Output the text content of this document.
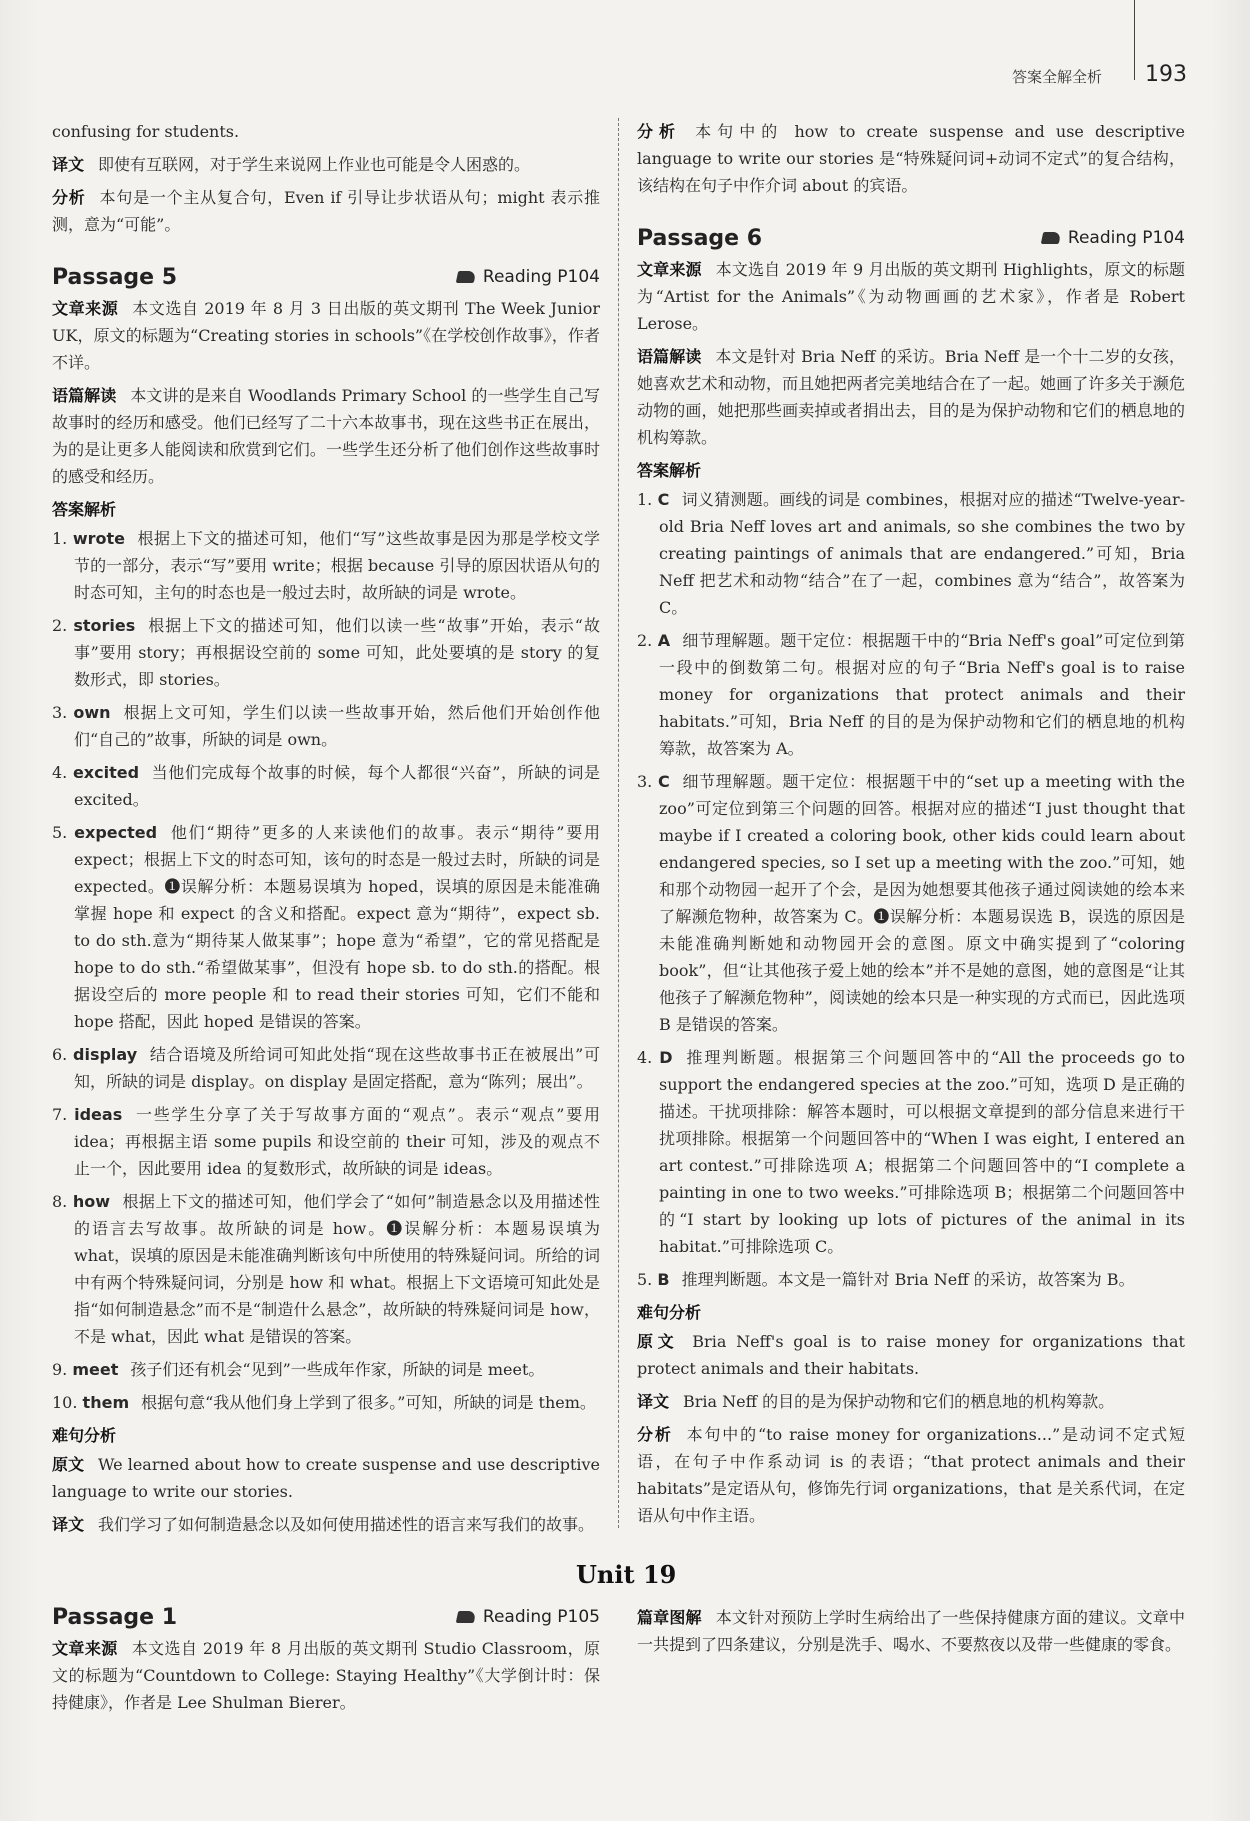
答案全解全析 193

confusing for students.

译文 即使有互联网，对于学生来说网上作业也可能是令人困惑的。

分析 本句是一个主从复合句，Even if 引导让步状语从句；might 表示推测，意为“可能”。

Passage 5	Reading P104

文章来源 本文选自 2019 年 8 月 3 日出版的英文期刊 The Week Junior UK，原文的标题为“Creating stories in schools”《在学校创作故事》，作者不详。

语篇解读 本文讲的是来自 Woodlands Primary School 的一些学生自己写故事时的经历和感受。他们已经写了二十六本故事书，现在这些书正在展出，为的是让更多人能阅读和欣赏到它们。一些学生还分析了他们创作这些故事时的感受和经历。

答案解析

1. wrote 根据上下文的描述可知，他们“写”这些故事是因为那是学校文学节的一部分，表示“写”要用 write；根据 because 引导的原因状语从句的时态可知，主句的时态也是一般过去时，故所缺的词是 wrote。

2. stories 根据上下文的描述可知，他们以读一些“故事”开始，表示“故事”要用 story；再根据设空前的 some 可知，此处要填的是 story 的复数形式，即 stories。

3. own 根据上文可知，学生们以读一些故事开始，然后他们开始创作他们“自己的”故事，所缺的词是 own。

4. excited 当他们完成每个故事的时候，每个人都很“兴奋”，所缺的词是 excited。

5. expected 他们“期待”更多的人来读他们的故事。表示“期待”要用 expect；根据上下文的时态可知，该句的时态是一般过去时，所缺的词是 expected。❶误解分析：本题易误填为 hoped，误填的原因是未能准确掌握 hope 和 expect 的含义和搭配。expect 意为“期待”，expect sb. to do sth.意为“期待某人做某事”；hope 意为“希望”，它的常见搭配是 hope to do sth.“希望做某事”，但没有 hope sb. to do sth.的搭配。根据设空后的 more people 和 to read their stories 可知，它们不能和 hope 搭配，因此 hoped 是错误的答案。

6. display 结合语境及所给词可知此处指“现在这些故事书正在被展出”可知，所缺的词是 display。on display 是固定搭配，意为“陈列；展出”。

7. ideas 一些学生分享了关于写故事方面的“观点”。表示“观点”要用 idea；再根据主语 some pupils 和设空前的 their 可知，涉及的观点不止一个，因此要用 idea 的复数形式，故所缺的词是 ideas。

8. how 根据上下文的描述可知，他们学会了“如何”制造悬念以及用描述性的语言去写故事。故所缺的词是 how。❶误解分析：本题易误填为 what，误填的原因是未能准确判断该句中所使用的特殊疑问词。所给的词中有两个特殊疑问词，分别是 how 和 what。根据上下文语境可知此处是指“如何制造悬念”而不是“制造什么悬念”，故所缺的特殊疑问词是 how，不是 what，因此 what 是错误的答案。

9. meet 孩子们还有机会“见到”一些成年作家，所缺的词是 meet。

10. them 根据句意“我从他们身上学到了很多。”可知，所缺的词是 them。

难句分析

原文 We learned about how to create suspense and use descriptive language to write our stories.

译文 我们学习了如何制造悬念以及如何使用描述性的语言来写我们的故事。

分析 本句中的 how to create suspense and use descriptive language to write our stories 是“特殊疑问词+动词不定式”的复合结构，该结构在句子中作介词 about 的宾语。

Passage 6	Reading P104

文章来源 本文选自 2019 年 9 月出版的英文期刊 Highlights，原文的标题为“Artist for the Animals”《为动物画画的艺术家》，作者是 Robert Lerose。

语篇解读 本文是针对 Bria Neff 的采访。Bria Neff 是一个十二岁的女孩，她喜欢艺术和动物，而且她把两者完美地结合在了一起。她画了许多关于濒危动物的画，她把那些画卖掉或者捐出去，目的是为保护动物和它们的栖息地的机构筹款。

答案解析

1. C 词义猜测题。画线的词是 combines，根据对应的描述“Twelve-year-old Bria Neff loves art and animals, so she combines the two by creating paintings of animals that are endangered.”可知，Bria Neff 把艺术和动物“结合”在了一起，combines 意为“结合”，故答案为 C。

2. A 细节理解题。题干定位：根据题干中的“Bria Neff's goal”可定位到第一段中的倒数第二句。根据对应的句子“Bria Neff's goal is to raise money for organizations that protect animals and their habitats.”可知，Bria Neff 的目的是为保护动物和它们的栖息地的机构筹款，故答案为 A。

3. C 细节理解题。题干定位：根据题干中的“set up a meeting with the zoo”可定位到第三个问题的回答。根据对应的描述“I just thought that maybe if I created a coloring book, other kids could learn about endangered species, so I set up a meeting with the zoo.”可知，她和那个动物园一起开了个会，是因为她想要其他孩子通过阅读她的绘本来了解濒危物种，故答案为 C。❶误解分析：本题易误选 B，误选的原因是未能准确判断她和动物园开会的意图。原文中确实提到了“coloring book”，但“让其他孩子爱上她的绘本”并不是她的意图，她的意图是“让其他孩子了解濒危物种”，阅读她的绘本只是一种实现的方式而已，因此选项 B 是错误的答案。

4. D 推理判断题。根据第三个问题回答中的“All the proceeds go to support the endangered species at the zoo.”可知，选项 D 是正确的描述。干扰项排除：解答本题时，可以根据文章提到的部分信息来进行干扰项排除。根据第一个问题回答中的“When I was eight, I entered an art contest.”可排除选项 A；根据第二个问题回答中的“I complete a painting in one to two weeks.”可排除选项 B；根据第二个问题回答中的“I start by looking up lots of pictures of the animal in its habitat.”可排除选项 C。

5. B 推理判断题。本文是一篇针对 Bria Neff 的采访，故答案为 B。

难句分析

原文 Bria Neff's goal is to raise money for organizations that protect animals and their habitats.

译文 Bria Neff 的目的是为保护动物和它们的栖息地的机构筹款。

分析 本句中的“to raise money for organizations...”是动词不定式短语，在句子中作系动词 is 的表语；“that protect animals and their habitats”是定语从句，修饰先行词 organizations，that 是关系代词，在定语从句中作主语。

Unit 19
Passage 1	Reading P105

文章来源 本文选自 2019 年 8 月出版的英文期刊 Studio Classroom，原文的标题为“Countdown to College: Staying Healthy”《大学倒计时：保持健康》，作者是 Lee Shulman Bierer。

篇章图解 本文针对预防上学时生病给出了一些保持健康方面的建议。文章中一共提到了四条建议，分别是洗手、喝水、不要熬夜以及带一些健康的零食。
